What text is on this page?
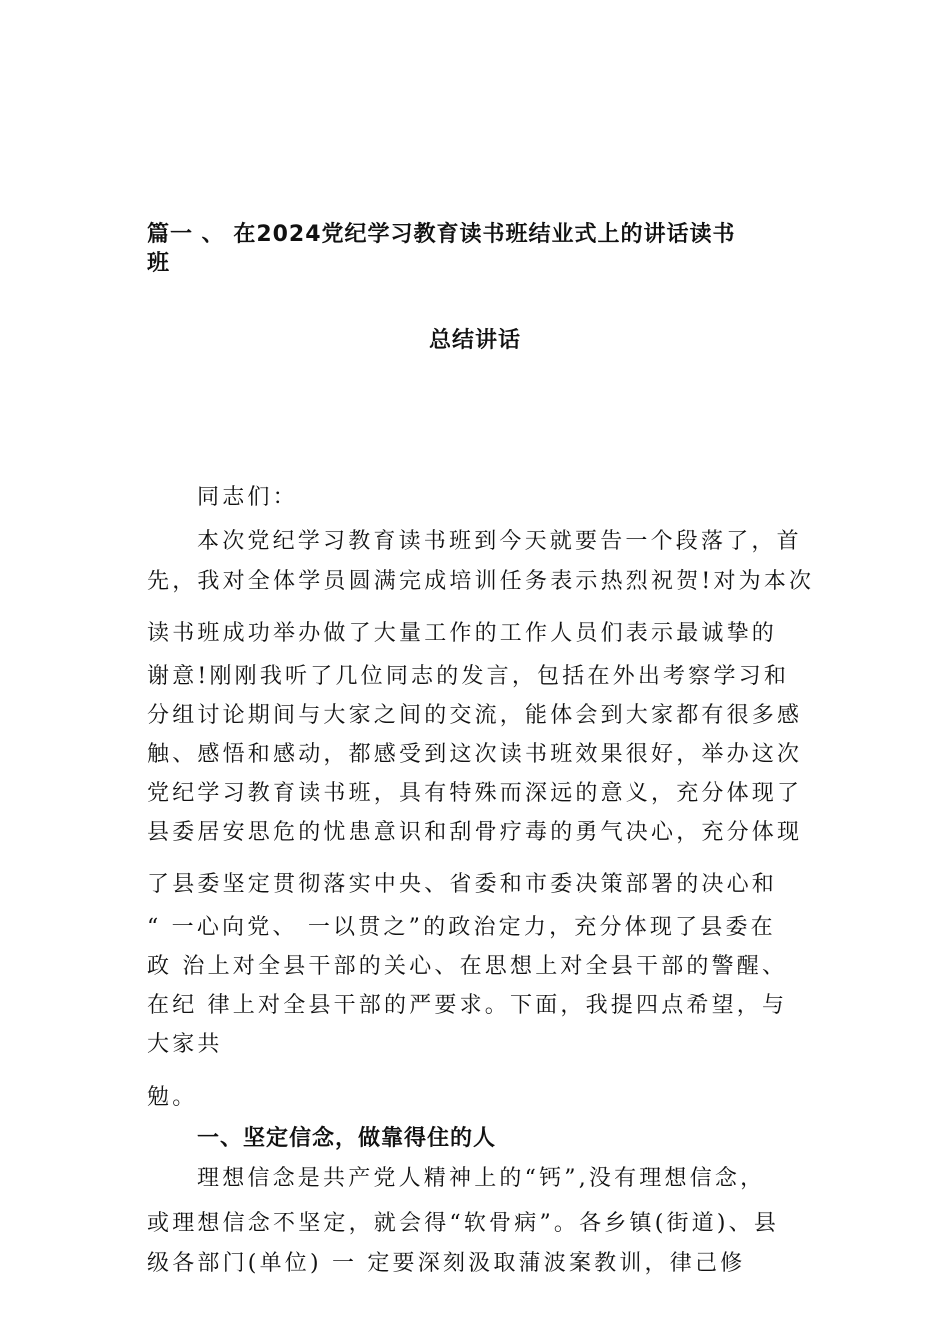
篇一 、 在2024党纪学习教育读书班结业式上的讲话读书
班
总结讲话
同志们：
本次党纪学习教育读书班到今天就要告一个段落了，首
先，我对全体学员圆满完成培训任务表示热烈祝贺!对为本次
读书班成功举办做了大量工作的工作人员们表示最诚挚的
谢意!刚刚我听了几位同志的发言，包括在外出考察学习和
分组讨论期间与大家之间的交流，能体会到大家都有很多感
触、感悟和感动，都感受到这次读书班效果很好，举办这次
党纪学习教育读书班，具有特殊而深远的意义，充分体现了
县委居安思危的忧患意识和刮骨疗毒的勇气决心，充分体现
了县委坚定贯彻落实中央、省委和市委决策部署的决心和
“ 一心向党、 一以贯之”的政治定力，充分体现了县委在
政 治上对全县干部的关心、在思想上对全县干部的警醒、
在纪 律上对全县干部的严要求。下面，我提四点希望，与
大家共
勉。
一、坚定信念，做靠得住的人
理想信念是共产党人精神上的“钙”,没有理想信念，
或理想信念不坚定，就会得“软骨病”。各乡镇(街道)、县
级各部门(单位) 一 定要深刻汲取蒲波案教训，律己修
